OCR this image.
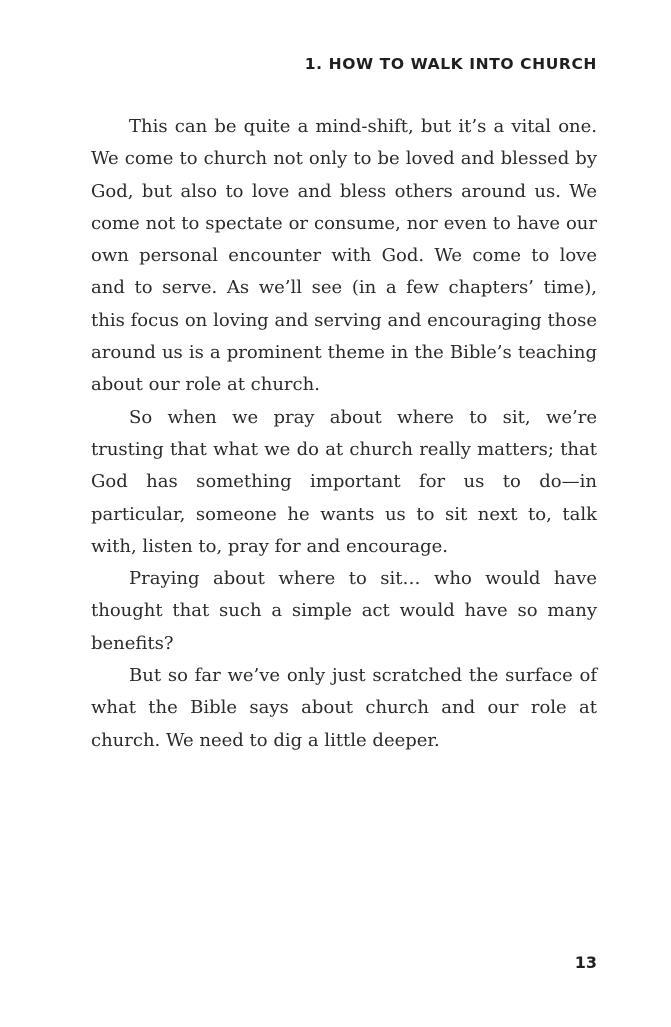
1. HOW TO WALK INTO CHURCH

This can be quite a mind-shift, but it’s a vital one. We come to church not only to be loved and blessed by God, but also to love and bless others around us. We come not to spectate or consume, nor even to have our own personal encounter with God. We come to love and to serve. As we’ll see (in a few chapters’ time), this focus on loving and serving and encouraging those around us is a prominent theme in the Bible’s teaching about our role at church.

So when we pray about where to sit, we’re trusting that what we do at church really matters; that God has something important for us to do—in particular, someone he wants us to sit next to, talk with, listen to, pray for and encourage.

Praying about where to sit… who would have thought that such a simple act would have so many benefits?

But so far we’ve only just scratched the surface of what the Bible says about church and our role at church. We need to dig a little deeper.

13
